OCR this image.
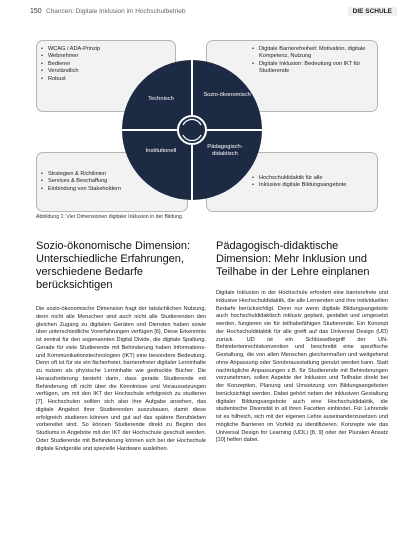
150 Chancen: Digitale Inklusion im Hochschulbetrieb	DIE SCHULE
• WCAG / ADA-Prinzip
• Webnehmer
• Bediener
• Verständlich
• Robust
• Digitale Barrierefreiheit: Motivation, digitale Kompetenz, Nutzung
• Digitale Inklusion: Bedeutung von IKT für Studierende
• Strategien & Richtlinien
• Services & Beschaffung
• Einbindung von Stakeholdern
• Hochschuldidaktik für alle
• Inklusive digitale Bildungsangebote
Technisch
Sozio-ökonomisch
Institutionell
Pädagogisch-didaktisch
Abbildung 1: Vier Dimensionen digitaler Inklusion in der Bildung.
Sozio-ökonomische Dimension: Unterschiedliche Erfahrungen, verschiedene Bedarfe berücksichtigen

Die sozio-ökonomische Dimension fragt der tatsächlichen Nutzung, denn nicht alle Menschen sind auch nicht alle Studierenden den gleichen Zugang zu digitalen Geräten und Diensten haben sowie über unterschiedliche Vorerfahrungen verfügen [6]. Diese Erkenntnis ist zentral für den sogenannten Digital Divide, die digitale Spaltung. Gerade für viele Studierende mit Behinderung haben Informations- und Kommunikationstechnologien (IKT) eine besondere Bedeutung. Denn oft ist für sie ein fächerfreier, barrierefreier digitaler Lerninhalte zu nutzen als physische Lerninhalte wie gedruckte Bücher. Die Herausforderung besteht darin, dass gerade Studierende mit Behinderung oft nicht über die Kenntnisse und Voraussetzungen verfügen, um mit den IKT der Hochschule erfolgreich zu studieren [7]. Hochschulen sollten sich also ihre Aufgabe ansehen, das digitale Angebot ihrer Studierenden auszubauen, damit diese erfolgreich studieren können und gut auf das spätere Berufsleben vorbereitet sind. So können Studierende direkt zu Beginn des Studiums in Angebote mit der IKT der Hochschule geschult werden. Oder Studierende mit Behinderung können sich bei der Hochschule digitale Endgeräte und spezielle Hardware ausleihen.

Pädagogisch-didaktische Dimension: Mehr Inklusion und Teilhabe in der Lehre einplanen

Digitale Inklusion in der Hochschule erfordert eine barrierefreie und inklusive Hochschuldidaktik, die alle Lernenden und ihre individuellen Bedarfe berücksichtigt. Denn nur wenn digitale Bildungsangebote auch hochschuldidaktisch inklusiv geplant, gestaltet und umgesetzt werden, fungieren sie für teilhabefähigen Studierende. Ein Konzept der Hochschuldidaktik für alle greift auf das Universal Design (UD) zurück. UD ist ein Schlüsselbegriff der UN-Behindertenrechtskonvention und beschreibt eine spezifische Gestaltung, die von allen Menschen gleichermaßen und weitgehend ohne Anpassung oder Sonderausstattung genutzt werden kann. Statt nachträgliche Anpassungen z.B. für Studierende mit Behinderungen vorzunehmen, sollen Aspekte der Inklusion und Teilhabe direkt bei der Konzeption, Planung und Umsetzung von Bildungsangeboten berücksichtigt werden. Dabei gehört neben der inklusiven Gestaltung digitaler Bildungsangebote auch eine Hochschuldidaktik, die studentische Diversität in all ihren Facetten einbindet. Für Lehrende ist es hilfreich, sich mit der eigenen Lehre auseinanderzusetzen und mögliche Barrieren im Vorfeld zu identifizieren. Konzepte wie das Universal Design for Learning (UDL) [8, 9] oder der Pluralen Ansatz [10] helfen dabei.
